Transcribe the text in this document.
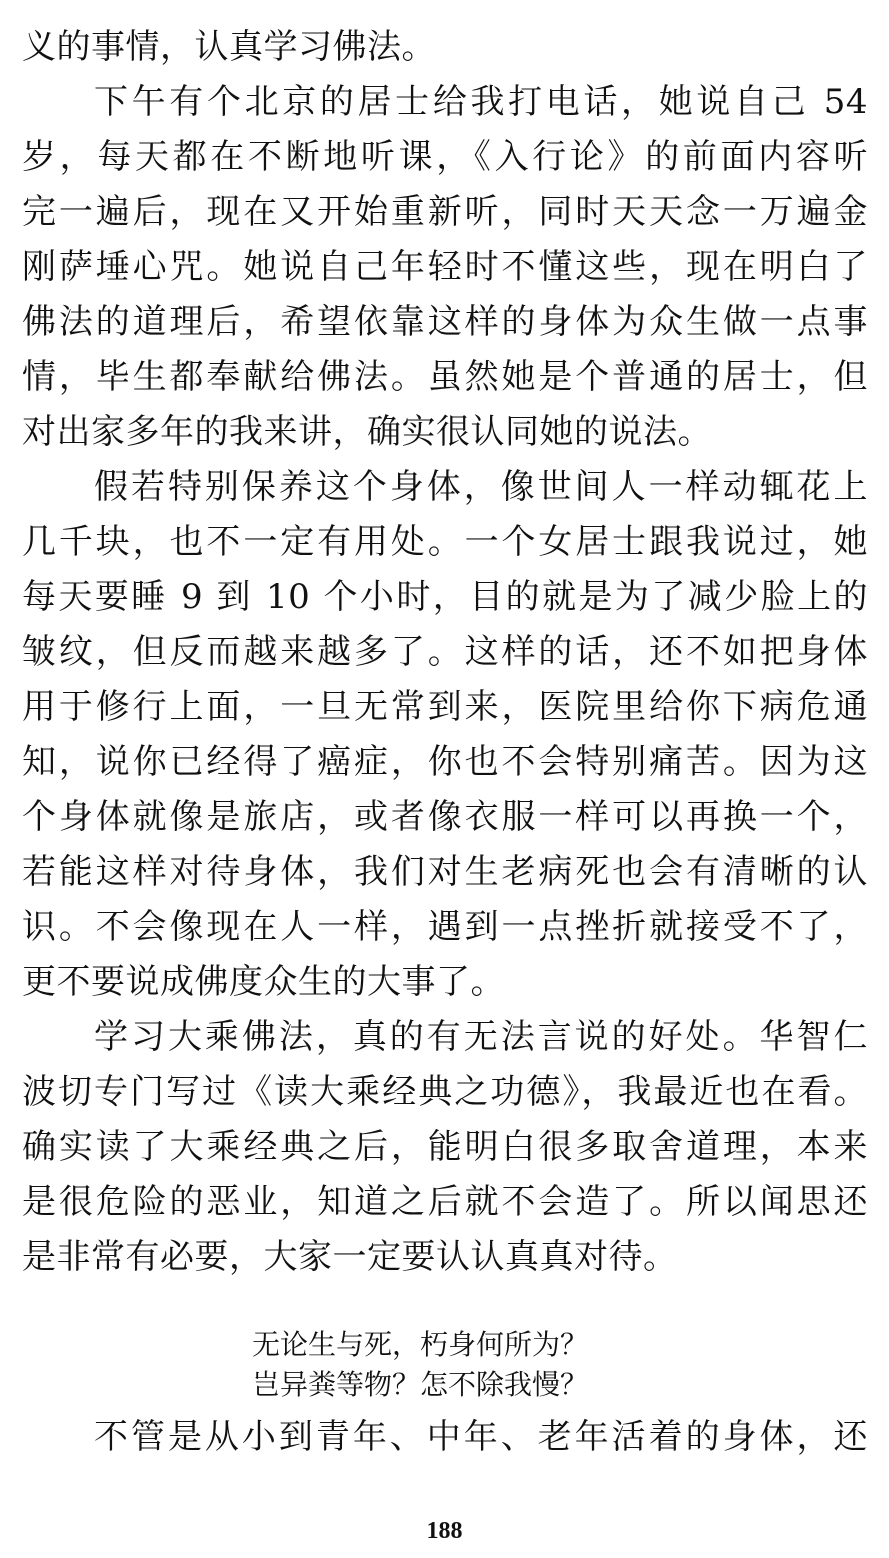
义的事情，认真学习佛法。
下午有个北京的居士给我打电话，她说自己 54
岁，每天都在不断地听课，《入行论》的前面内容听
完一遍后，现在又开始重新听，同时天天念一万遍金
刚萨埵心咒。她说自己年轻时不懂这些，现在明白了
佛法的道理后，希望依靠这样的身体为众生做一点事
情，毕生都奉献给佛法。虽然她是个普通的居士，但
对出家多年的我来讲，确实很认同她的说法。
假若特别保养这个身体，像世间人一样动辄花上
几千块，也不一定有用处。一个女居士跟我说过，她
每天要睡 9 到 10 个小时，目的就是为了减少脸上的
皱纹，但反而越来越多了。这样的话，还不如把身体
用于修行上面，一旦无常到来，医院里给你下病危通
知，说你已经得了癌症，你也不会特别痛苦。因为这
个身体就像是旅店，或者像衣服一样可以再换一个，
若能这样对待身体，我们对生老病死也会有清晰的认
识。不会像现在人一样，遇到一点挫折就接受不了，
更不要说成佛度众生的大事了。
学习大乘佛法，真的有无法言说的好处。华智仁
波切专门写过《读大乘经典之功德》，我最近也在看。
确实读了大乘经典之后，能明白很多取舍道理，本来
是很危险的恶业，知道之后就不会造了。所以闻思还
是非常有必要，大家一定要认认真真对待。
无论生与死，朽身何所为？
岂异粪等物？怎不除我慢？
不管是从小到青年、中年、老年活着的身体，还
188
